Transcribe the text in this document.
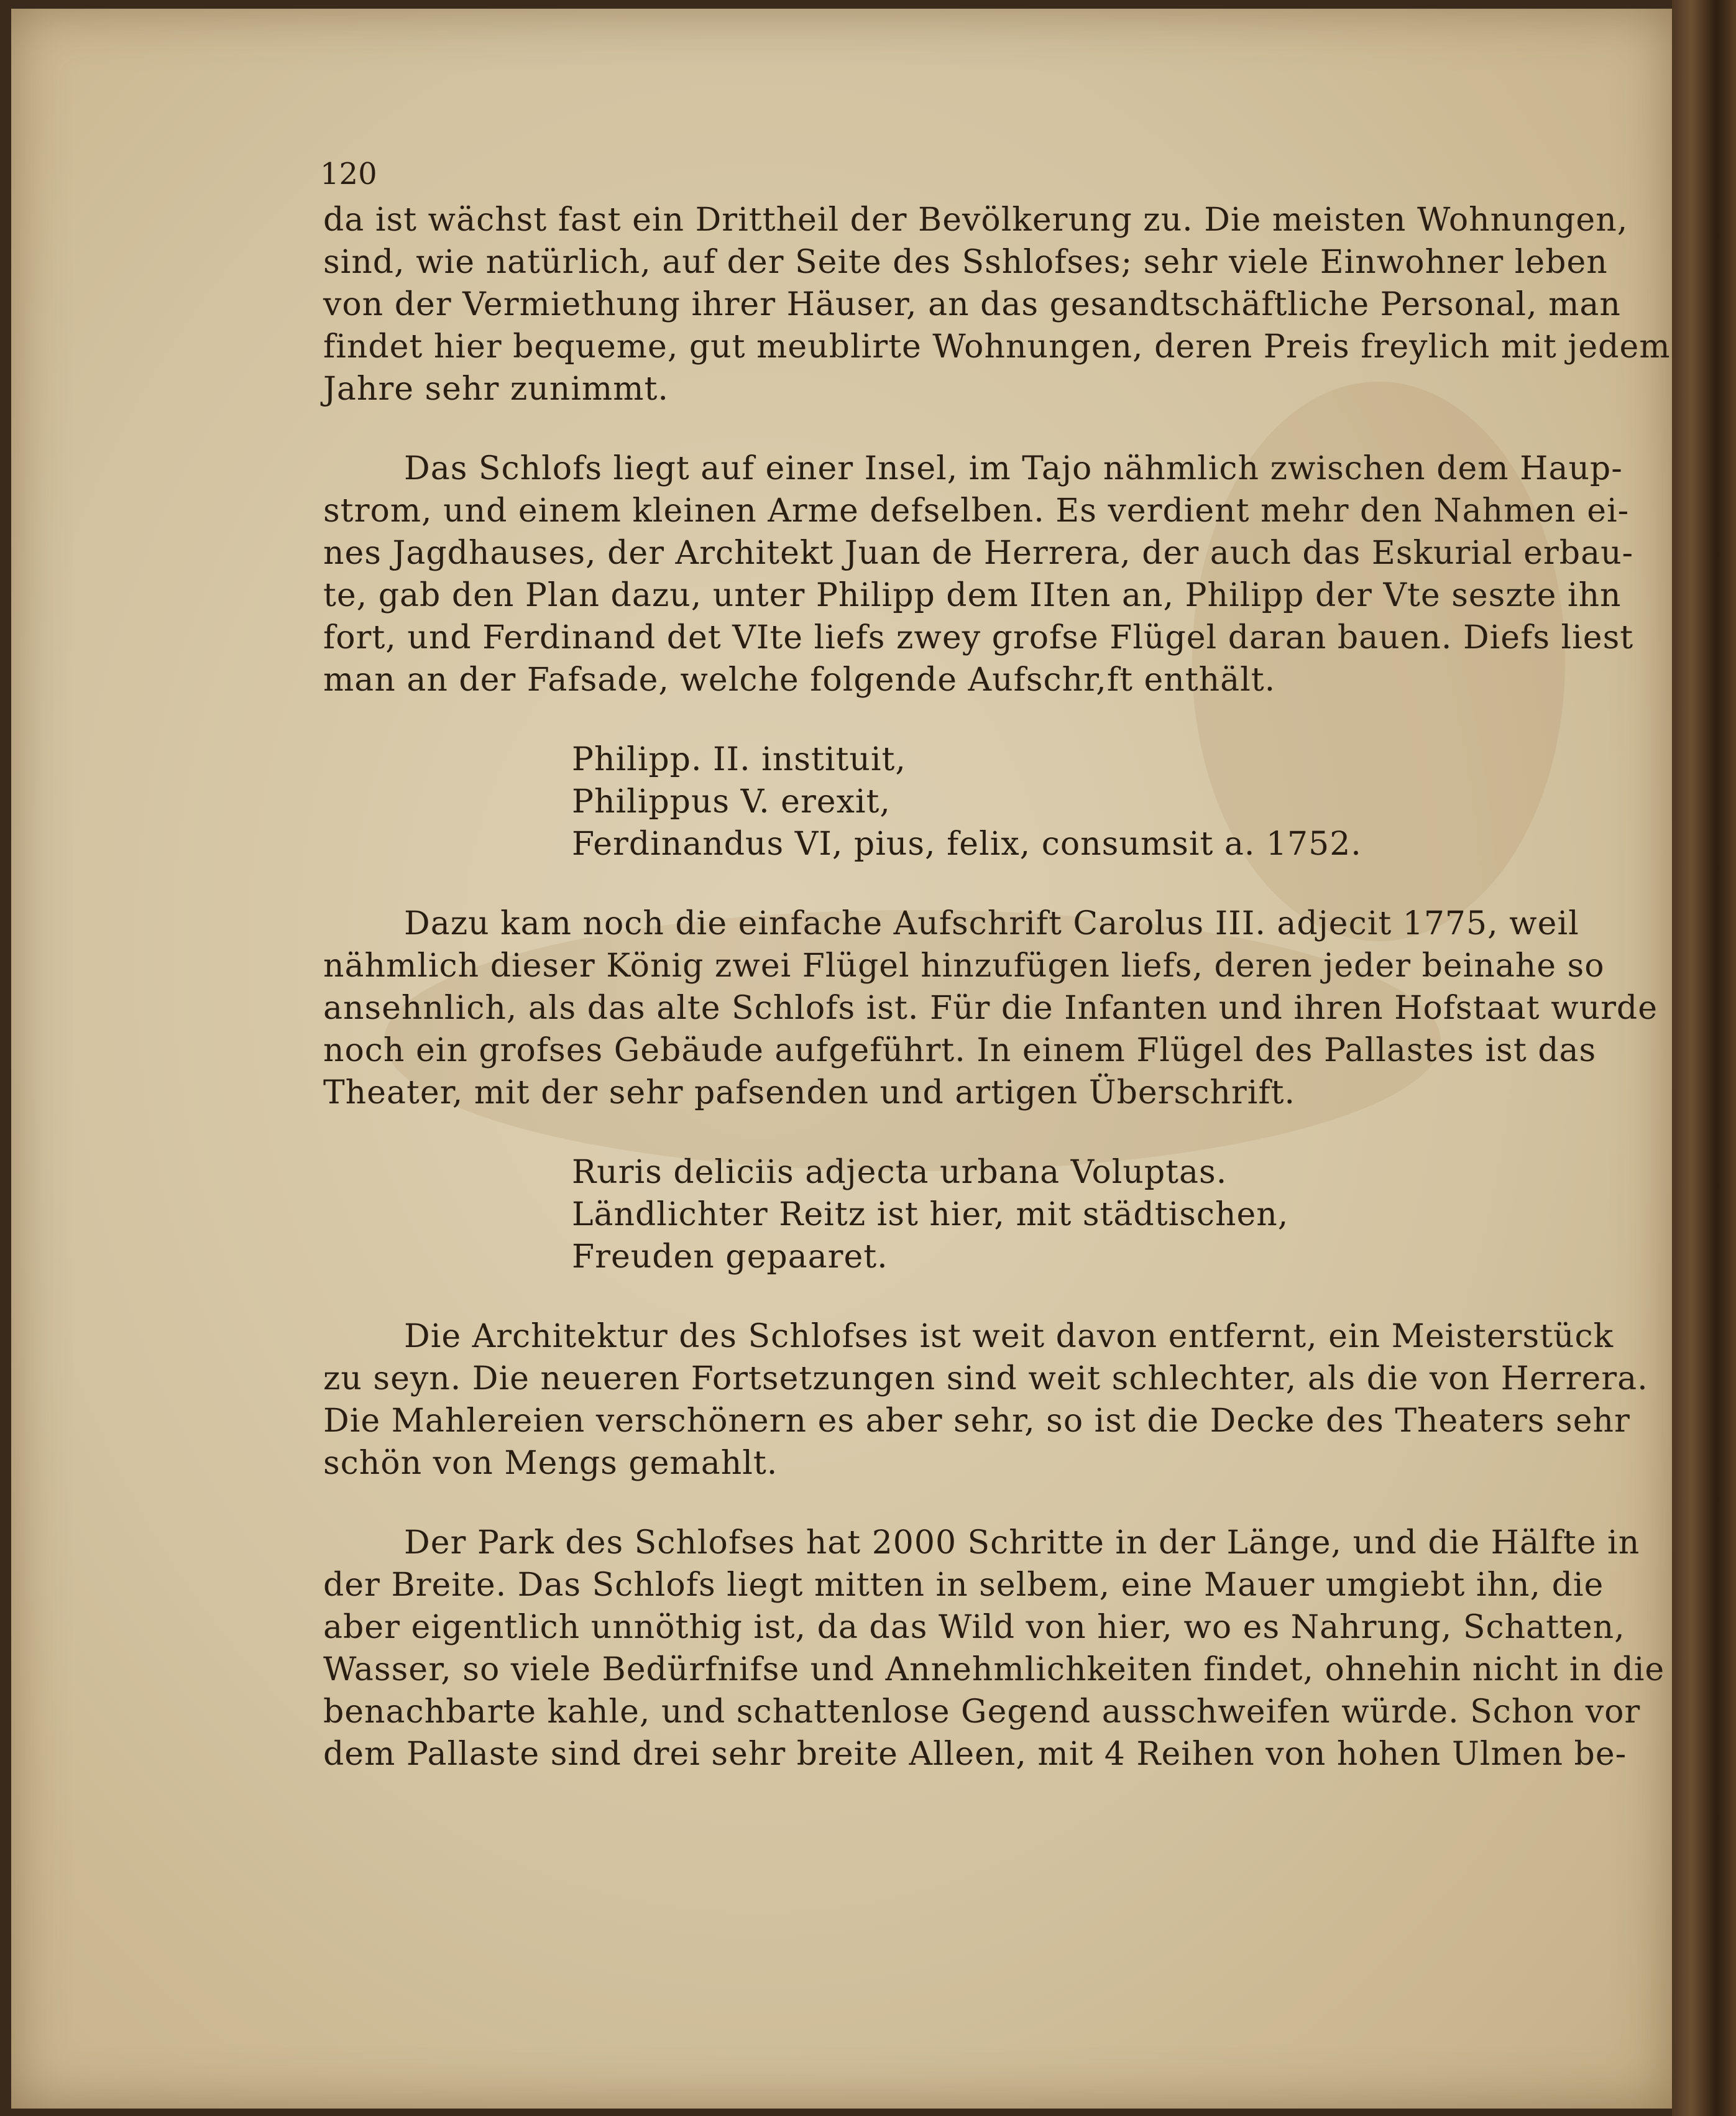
120
da ist wächst fast ein Drittheil der Bevölkerung zu. Die meisten Wohnungen,
sind, wie natürlich, auf der Seite des Sshlofses; sehr viele Einwohner leben
von der Vermiethung ihrer Häuser, an das gesandtschäftliche Personal, man
findet hier bequeme, gut meublirte Wohnungen, deren Preis freylich mit jedem
Jahre sehr zunimmt.
Das Schlofs liegt auf einer Insel, im Tajo nähmlich zwischen dem Haup-
strom, und einem kleinen Arme defselben. Es verdient mehr den Nahmen ei-
nes Jagdhauses, der Architekt Juan de Herrera, der auch das Eskurial erbau-
te, gab den Plan dazu, unter Philipp dem IIten an, Philipp der Vte seszte ihn
fort, und Ferdinand det VIte liefs zwey grofse Flügel daran bauen. Diefs liest
man an der Fafsade, welche folgende Aufschr,ft enthält.
Philipp. II. instituit,
Philippus V. erexit,
Ferdinandus VI, pius, felix, consumsit a. 1752.
Dazu kam noch die einfache Aufschrift Carolus III. adjecit 1775, weil
nähmlich dieser König zwei Flügel hinzufügen liefs, deren jeder beinahe so
ansehnlich, als das alte Schlofs ist. Für die Infanten und ihren Hofstaat wurde
noch ein grofses Gebäude aufgeführt. In einem Flügel des Pallastes ist das
Theater, mit der sehr pafsenden und artigen Überschrift.
Ruris deliciis adjecta urbana Voluptas.
Ländlichter Reitz ist hier, mit städtischen,
Freuden gepaaret.
Die Architektur des Schlofses ist weit davon entfernt, ein Meisterstück
zu seyn. Die neueren Fortsetzungen sind weit schlechter, als die von Herrera.
Die Mahlereien verschönern es aber sehr, so ist die Decke des Theaters sehr
schön von Mengs gemahlt.
Der Park des Schlofses hat 2000 Schritte in der Länge, und die Hälfte in
der Breite. Das Schlofs liegt mitten in selbem, eine Mauer umgiebt ihn, die
aber eigentlich unnöthig ist, da das Wild von hier, wo es Nahrung, Schatten,
Wasser, so viele Bedürfnifse und Annehmlichkeiten findet, ohnehin nicht in die
benachbarte kahle, und schattenlose Gegend ausschweifen würde. Schon vor
dem Pallaste sind drei sehr breite Alleen, mit 4 Reihen von hohen Ulmen be-
